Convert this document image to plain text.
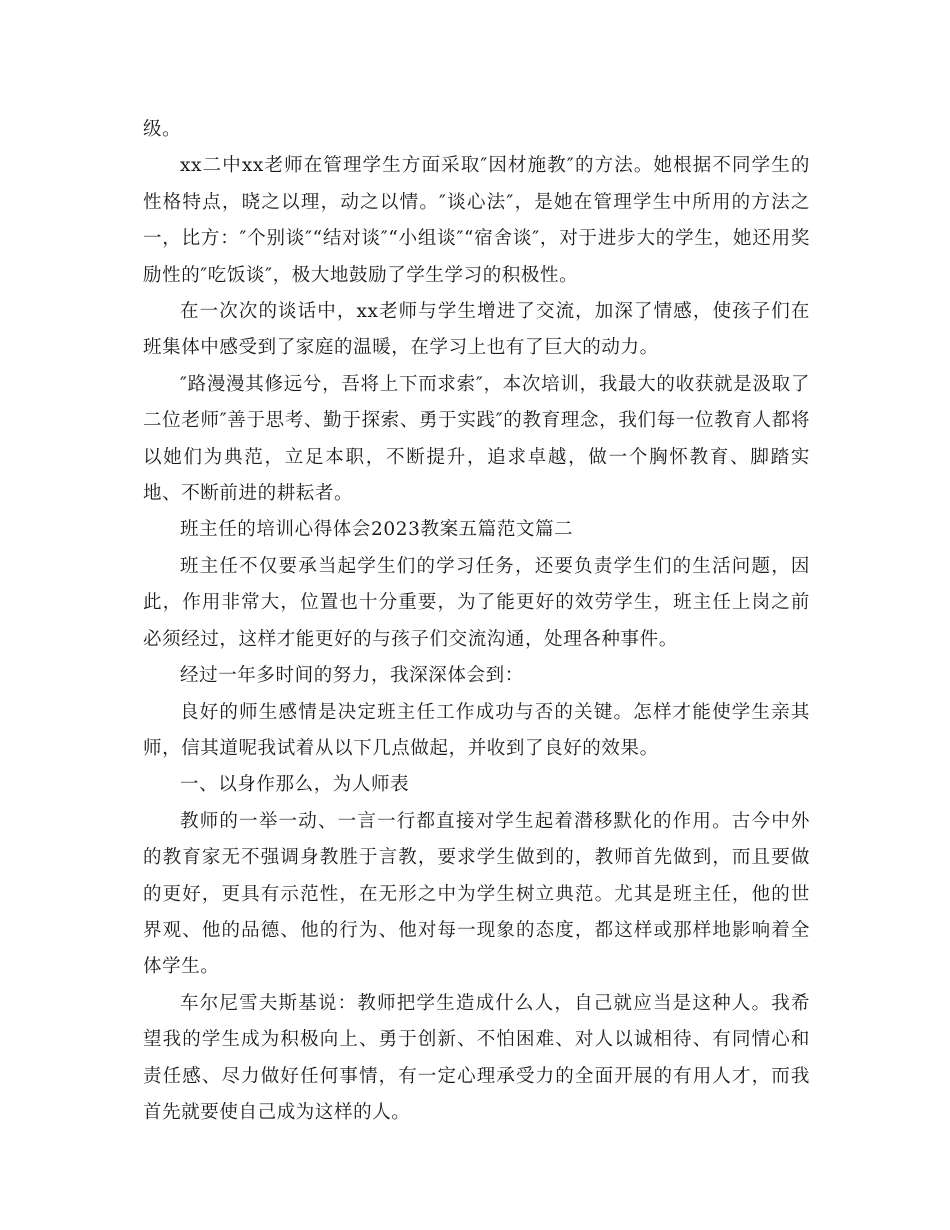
级。

xx二中xx老师在管理学生方面采取″因材施教″的方法。她根据不同学生的性格特点，晓之以理，动之以情。″谈心法″，是她在管理学生中所用的方法之一，比方：″个别谈″“结对谈″“小组谈″“宿舍谈″，对于进步大的学生，她还用奖励性的″吃饭谈″，极大地鼓励了学生学习的积极性。

在一次次的谈话中，xx老师与学生增进了交流，加深了情感，使孩子们在班集体中感受到了家庭的温暖，在学习上也有了巨大的动力。

″路漫漫其修远兮，吾将上下而求索″，本次培训，我最大的收获就是汲取了二位老师″善于思考、勤于探索、勇于实践″的教育理念，我们每一位教育人都将以她们为典范，立足本职，不断提升，追求卓越，做一个胸怀教育、脚踏实地、不断前进的耕耘者。

班主任的培训心得体会2023教案五篇范文篇二

班主任不仅要承当起学生们的学习任务，还要负责学生们的生活问题，因此，作用非常大，位置也十分重要，为了能更好的效劳学生，班主任上岗之前必须经过，这样才能更好的与孩子们交流沟通，处理各种事件。

经过一年多时间的努力，我深深体会到：

良好的师生感情是决定班主任工作成功与否的关键。怎样才能使学生亲其师，信其道呢我试着从以下几点做起，并收到了良好的效果。

一、以身作那么，为人师表

教师的一举一动、一言一行都直接对学生起着潜移默化的作用。古今中外的教育家无不强调身教胜于言教，要求学生做到的，教师首先做到，而且要做的更好，更具有示范性，在无形之中为学生树立典范。尤其是班主任，他的世界观、他的品德、他的行为、他对每一现象的态度，都这样或那样地影响着全体学生。

车尔尼雪夫斯基说：教师把学生造成什么人，自己就应当是这种人。我希望我的学生成为积极向上、勇于创新、不怕困难、对人以诚相待、有同情心和责任感、尽力做好任何事情，有一定心理承受力的全面开展的有用人才，而我首先就要使自己成为这样的人。
